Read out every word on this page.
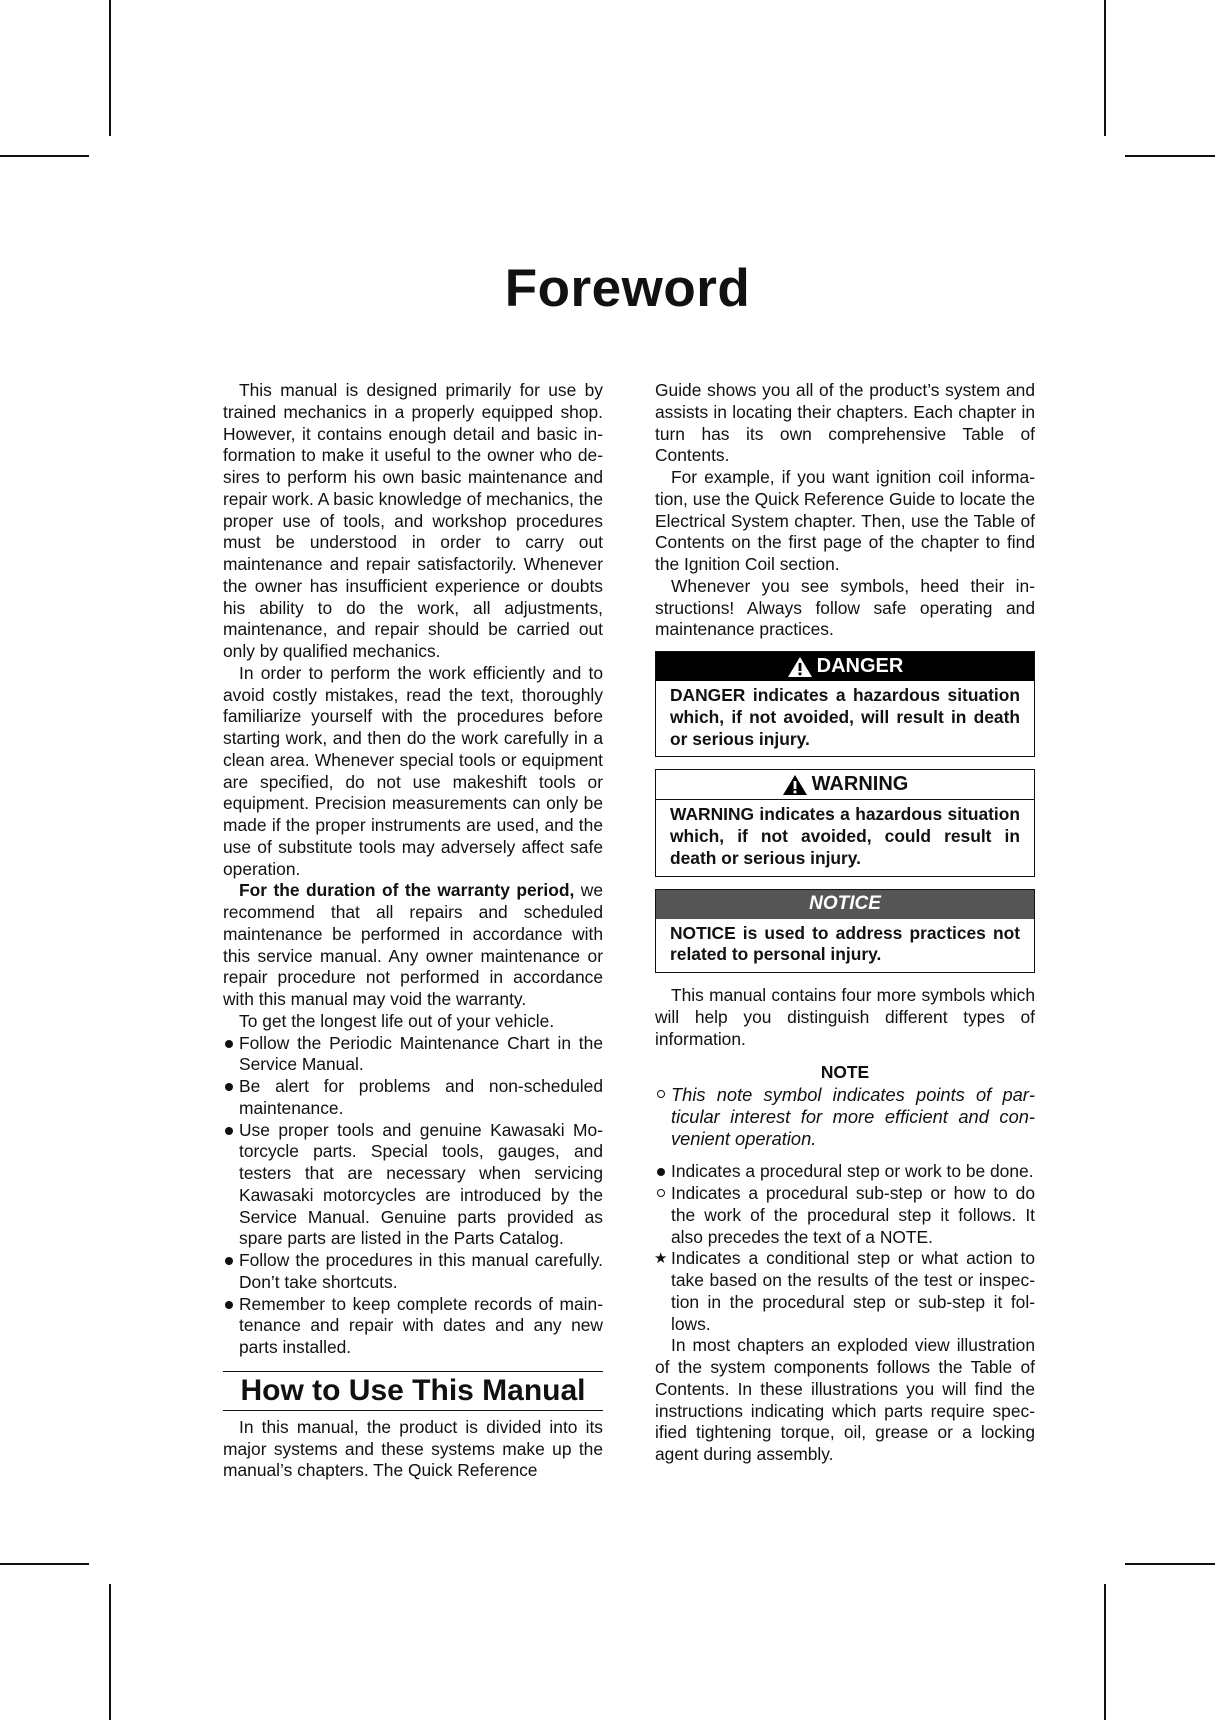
Foreword

This manual is designed primarily for use by trained mechanics in a properly equipped shop. However, it contains enough detail and basic information to make it useful to the owner who desires to perform his own basic maintenance and repair work. A basic knowledge of mechanics, the proper use of tools, and workshop procedures must be understood in order to carry out maintenance and repair satisfactorily. Whenever the owner has insufficient experience or doubts his ability to do the work, all adjustments, maintenance, and repair should be carried out only by qualified mechanics.

In order to perform the work efficiently and to avoid costly mistakes, read the text, thoroughly familiarize yourself with the procedures before starting work, and then do the work carefully in a clean area. Whenever special tools or equipment are specified, do not use makeshift tools or equipment. Precision measurements can only be made if the proper instruments are used, and the use of substitute tools may adversely affect safe operation.

For the duration of the warranty period, we recommend that all repairs and scheduled maintenance be performed in accordance with this service manual. Any owner maintenance or repair procedure not performed in accordance with this manual may void the warranty.

To get the longest life out of your vehicle.

Follow the Periodic Maintenance Chart in the Service Manual.

Be alert for problems and non-scheduled maintenance.

Use proper tools and genuine Kawasaki Motorcycle parts. Special tools, gauges, and testers that are necessary when servicing Kawasaki motorcycles are introduced by the Service Manual. Genuine parts provided as spare parts are listed in the Parts Catalog.

Follow the procedures in this manual carefully. Don’t take shortcuts.

Remember to keep complete records of maintenance and repair with dates and any new parts installed.

How to Use This Manual

In this manual, the product is divided into its major systems and these systems make up the manual’s chapters. The Quick Reference

Guide shows you all of the product’s system and assists in locating their chapters. Each chapter in turn has its own comprehensive Table of Contents.

For example, if you want ignition coil information, use the Quick Reference Guide to locate the Electrical System chapter. Then, use the Table of Contents on the first page of the chapter to find the Ignition Coil section.

Whenever you see symbols, heed their instructions! Always follow safe operating and maintenance practices.

DANGER
DANGER indicates a hazardous situation which, if not avoided, will result in death or serious injury.
WARNING
WARNING indicates a hazardous situation which, if not avoided, could result in death or serious injury.
NOTICE
NOTICE is used to address practices not related to personal injury.

This manual contains four more symbols which will help you distinguish different types of information.

NOTE

This note symbol indicates points of particular interest for more efficient and convenient operation.

Indicates a procedural step or work to be done.

Indicates a procedural sub-step or how to do the work of the procedural step it follows. It also precedes the text of a NOTE.

★ Indicates a conditional step or what action to take based on the results of the test or inspection in the procedural step or sub-step it follows.

In most chapters an exploded view illustration of the system components follows the Table of Contents. In these illustrations you will find the instructions indicating which parts require specified tightening torque, oil, grease or a locking agent during assembly.
